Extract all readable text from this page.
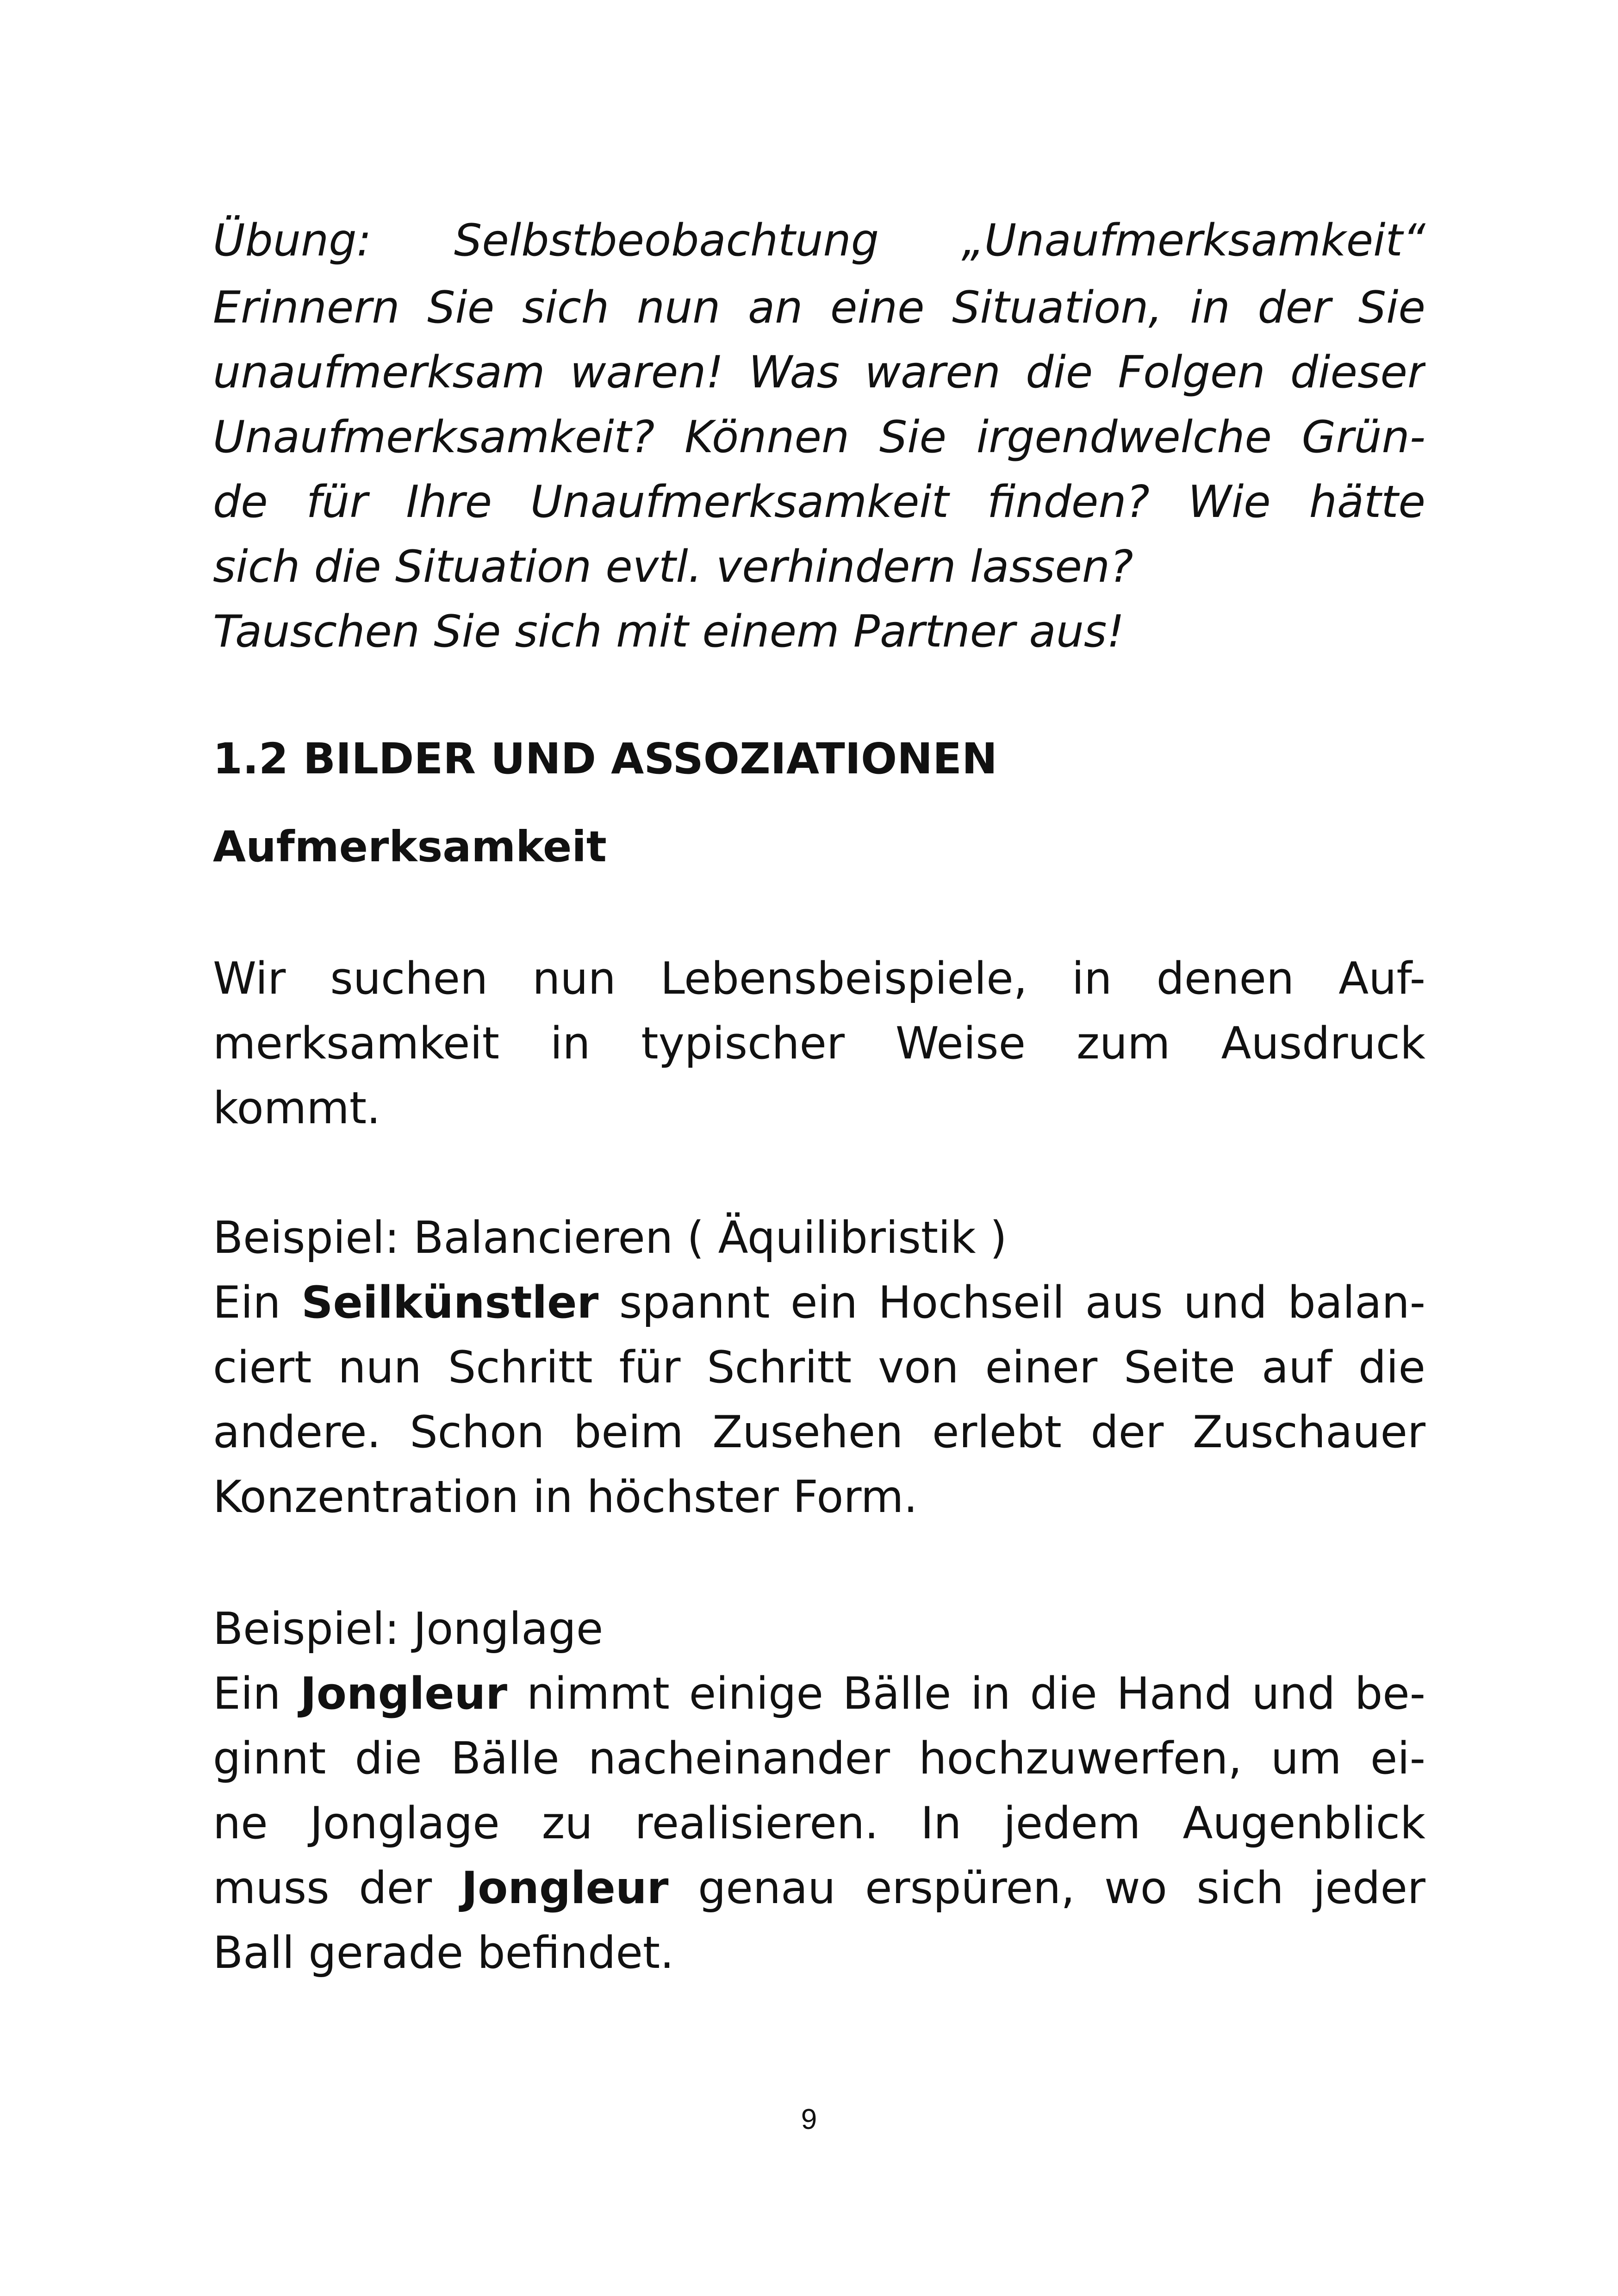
Übung: Selbstbeobachtung „Unaufmerksamkeit“
Erinnern Sie sich nun an eine Situation, in der Sie
unaufmerksam waren! Was waren die Folgen dieser
Unaufmerksamkeit? Können Sie irgendwelche Grün-
de für Ihre Unaufmerksamkeit finden? Wie hätte
sich die Situation evtl. verhindern lassen?
Tauschen Sie sich mit einem Partner aus!
1.2 BILDER UND ASSOZIATIONEN
Aufmerksamkeit
Wir suchen nun Lebensbeispiele, in denen Auf-
merksamkeit in typischer Weise zum Ausdruck
kommt.
Beispiel: Balancieren ( Äquilibristik )
Ein Seilkünstler spannt ein Hochseil aus und balan-
ciert nun Schritt für Schritt von einer Seite auf die
andere. Schon beim Zusehen erlebt der Zuschauer
Konzentration in höchster Form.
Beispiel: Jonglage
Ein Jongleur nimmt einige Bälle in die Hand und be-
ginnt die Bälle nacheinander hochzuwerfen, um ei-
ne Jonglage zu realisieren. In jedem Augenblick
muss der Jongleur genau erspüren, wo sich jeder
Ball gerade befindet.
9
